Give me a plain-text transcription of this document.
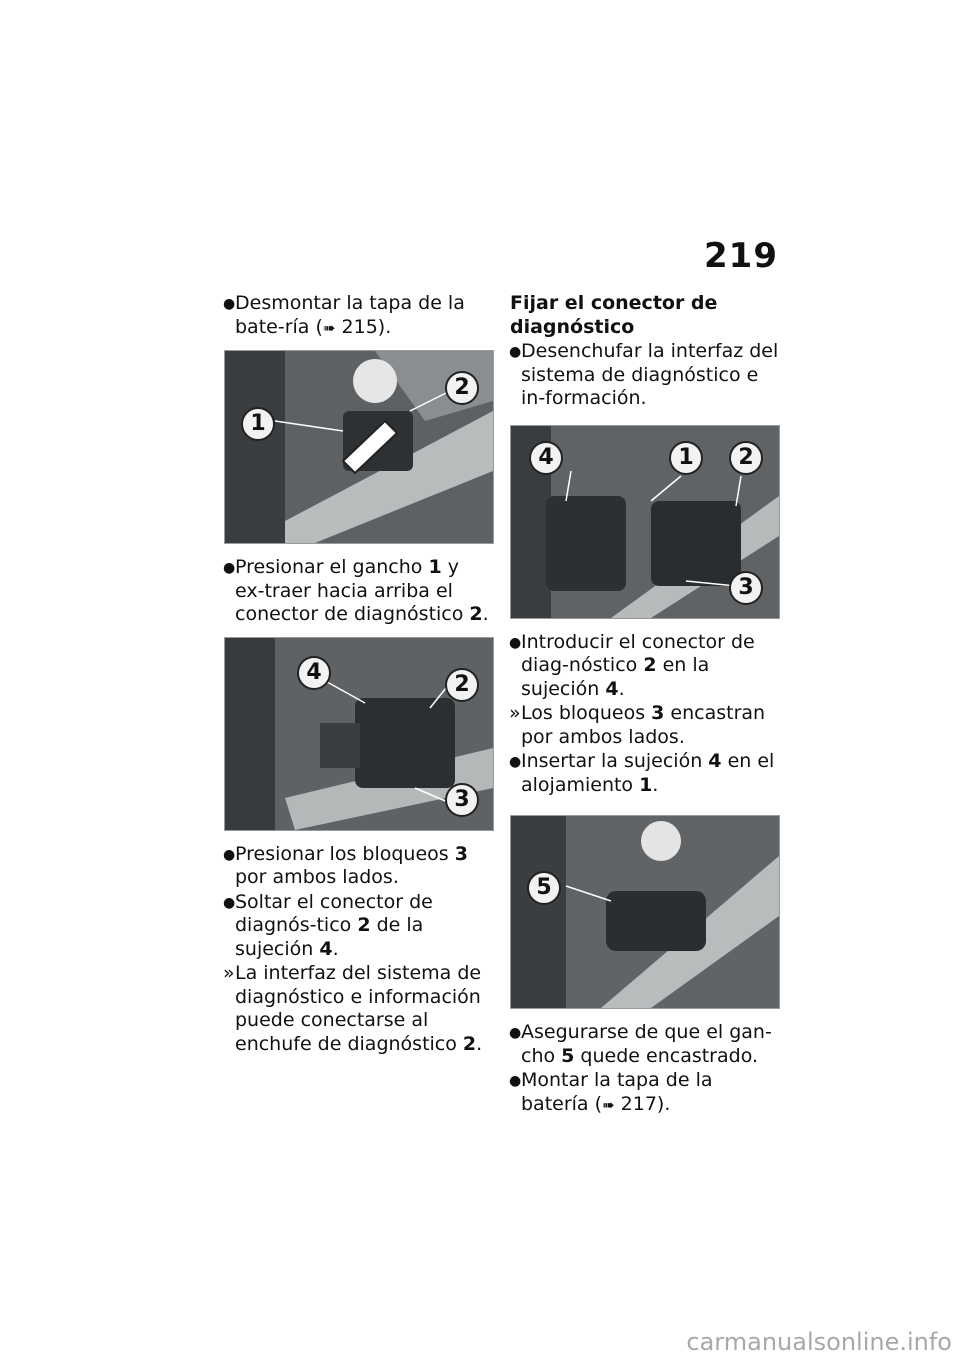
219
● Desmontar la tapa de la bate-ría (➠ 215).
1
2
● Presionar el gancho 1 y ex-traer hacia arriba el conector de diagnóstico 2.
4	2
3
● Presionar los bloqueos 3 por ambos lados.
● Soltar el conector de diagnós-tico 2 de la sujeción 4.
» La interfaz del sistema de diagnóstico e información puede conectarse al enchufe de diagnóstico 2.
Fijar el conector de diagnóstico
● Desenchufar la interfaz del sistema de diagnóstico e in-formación.
4	1	2
3
● Introducir el conector de diag-nóstico 2 en la sujeción 4.
» Los bloqueos 3 encastran por ambos lados.
● Insertar la sujeción 4 en el alojamiento 1.
5
● Asegurarse de que el gan-cho 5 quede encastrado.
● Montar la tapa de la batería (➠ 217).
carmanualsonline.info
